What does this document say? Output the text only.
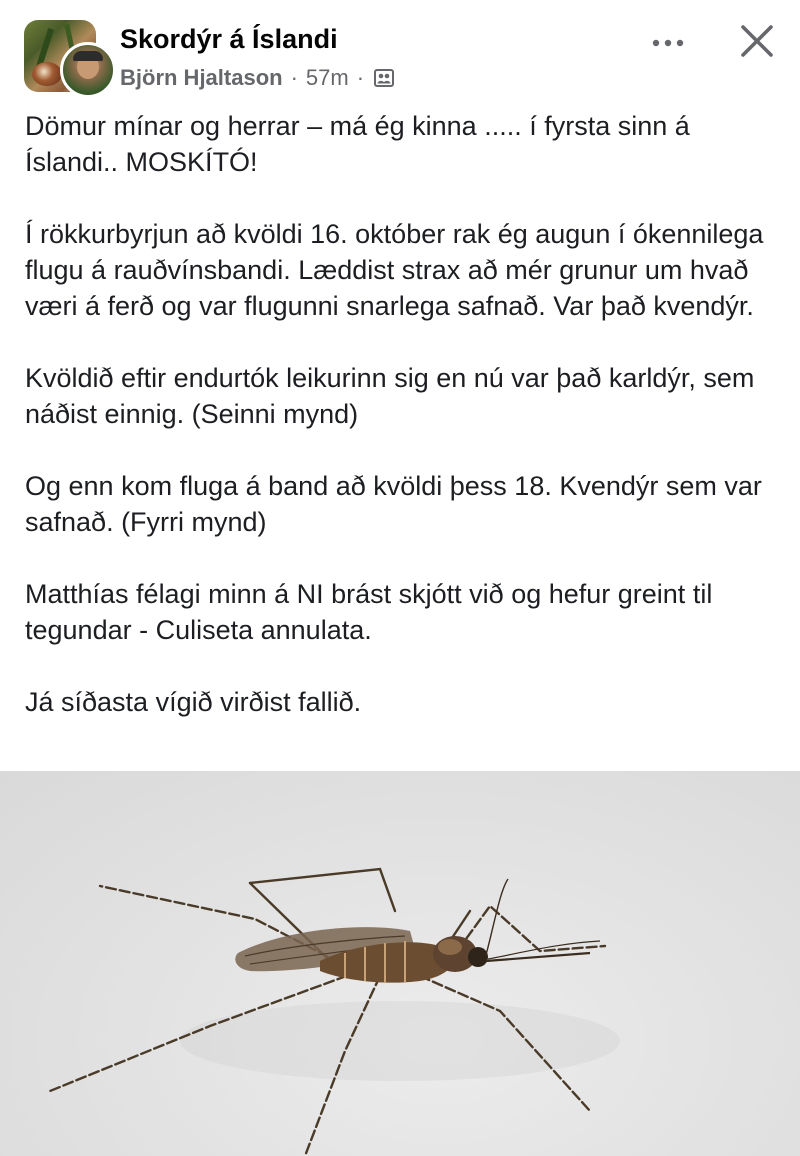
Skordýr á Íslandi
Björn Hjaltason · 57m ·

Dömur mínar og herrar – má ég kinna ..... í fyrsta sinn á Íslandi.. MOSKÍTÓ!

Í rökkurbyrjun að kvöldi 16. október rak ég augun í ókennilega flugu á rauðvínsbandi. Læddist strax að mér grunur um hvað væri á ferð og var flugunni snarlega safnað. Var það kvendýr.

Kvöldið eftir endurtók leikurinn sig en nú var það karldýr, sem náðist einnig. (Seinni mynd)

Og enn kom fluga á band að kvöldi þess 18. Kvendýr sem var safnað. (Fyrri mynd)

Matthías félagi minn á NI brást skjótt við og hefur greint til tegundar - Culiseta annulata.

Já síðasta vígið virðist fallið.
